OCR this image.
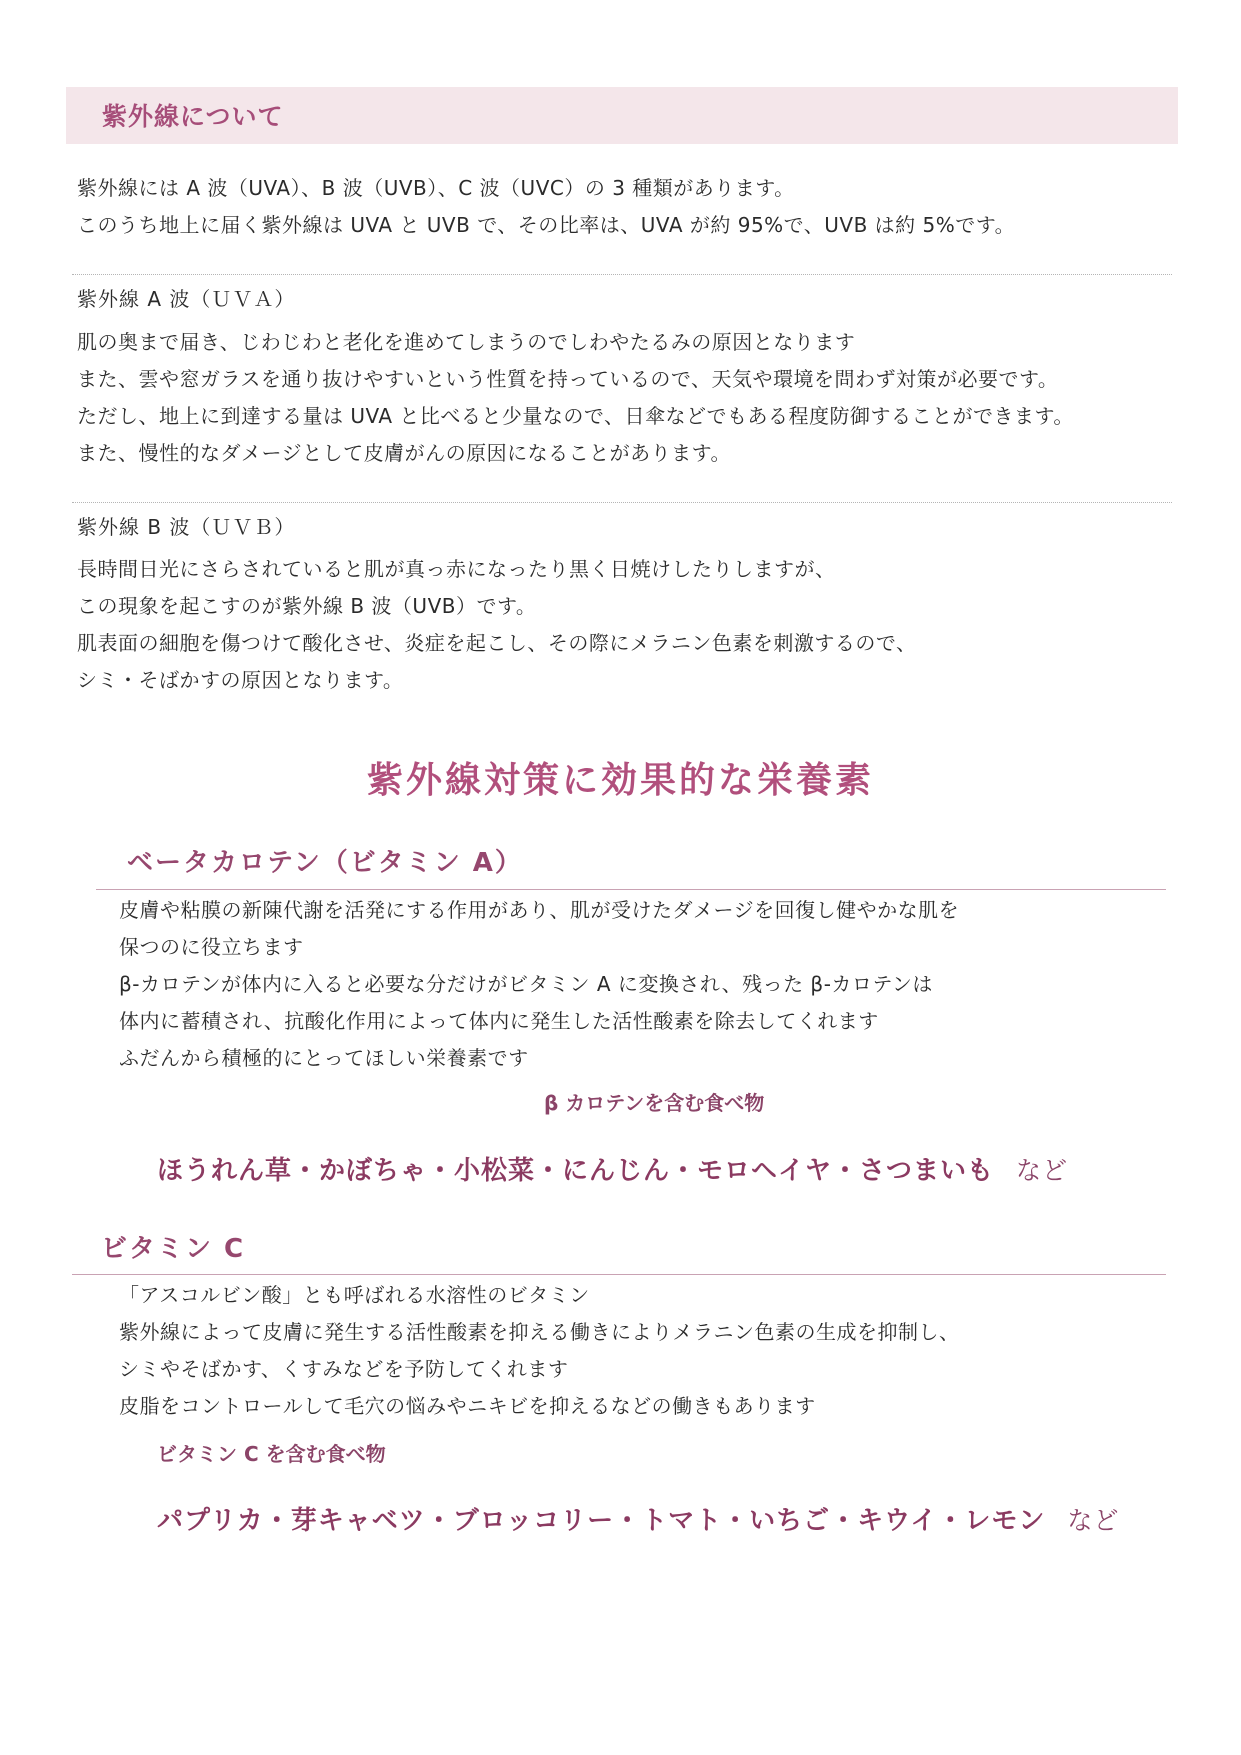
紫外線について
紫外線には A 波（UVA）、B 波（UVB）、C 波（UVC）の 3 種類があります。
このうち地上に届く紫外線は UVA と UVB で、その比率は、UVA が約 95%で、UVB は約 5%です。
紫外線 A 波（ＵＶＡ）
肌の奥まで届き、じわじわと老化を進めてしまうのでしわやたるみの原因となります
また、雲や窓ガラスを通り抜けやすいという性質を持っているので、天気や環境を問わず対策が必要です。
ただし、地上に到達する量は UVA と比べると少量なので、日傘などでもある程度防御することができます。
また、慢性的なダメージとして皮膚がんの原因になることがあります。
紫外線 B 波（ＵＶＢ）
長時間日光にさらされていると肌が真っ赤になったり黒く日焼けしたりしますが、
この現象を起こすのが紫外線 B 波（UVB）です。
肌表面の細胞を傷つけて酸化させ、炎症を起こし、その際にメラニン色素を刺激するので、
シミ・そばかすの原因となります。
紫外線対策に効果的な栄養素
ベータカロテン（ビタミン A）
皮膚や粘膜の新陳代謝を活発にする作用があり、肌が受けたダメージを回復し健やかな肌を
保つのに役立ちます
β-カロテンが体内に入ると必要な分だけがビタミン A に変換され、残った β-カロテンは
体内に蓄積され、抗酸化作用によって体内に発生した活性酸素を除去してくれます
ふだんから積極的にとってほしい栄養素です
β カロテンを含む食べ物
ほうれん草・かぼちゃ・小松菜・にんじん・モロヘイヤ・さつまいも など
ビタミン C
「アスコルビン酸」とも呼ばれる水溶性のビタミン
紫外線によって皮膚に発生する活性酸素を抑える働きによりメラニン色素の生成を抑制し、
シミやそばかす、くすみなどを予防してくれます
皮脂をコントロールして毛穴の悩みやニキビを抑えるなどの働きもあります
ビタミン C を含む食べ物
パプリカ・芽キャベツ・ブロッコリー・トマト・いちご・キウイ・レモン など
